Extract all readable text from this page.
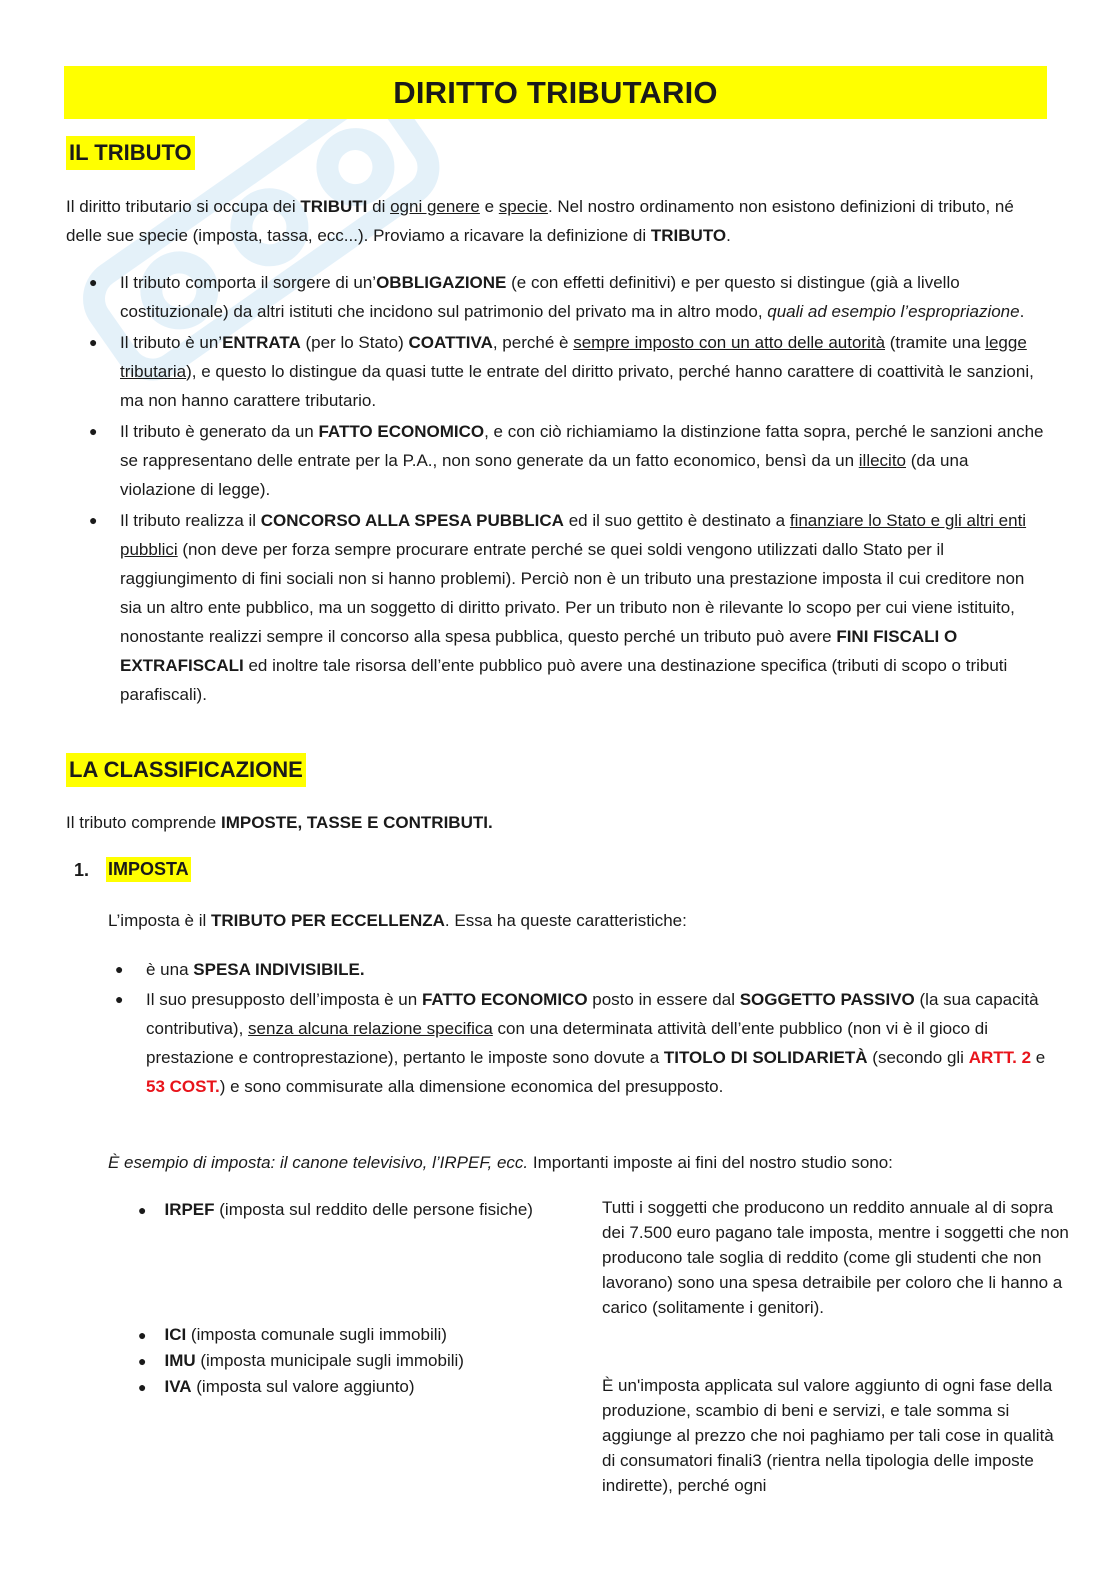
DIRITTO TRIBUTARIO
IL TRIBUTO
Il diritto tributario si occupa dei TRIBUTI di ogni genere e specie. Nel nostro ordinamento non esistono definizioni di tributo, né delle sue specie (imposta, tassa, ecc...). Proviamo a ricavare la definizione di TRIBUTO.
● Il tributo comporta il sorgere di un’OBBLIGAZIONE (e con effetti definitivi) e per questo si distingue (già a livello costituzionale) da altri istituti che incidono sul patrimonio del privato ma in altro modo, quali ad esempio l’espropriazione.
● Il tributo è un’ENTRATA (per lo Stato) COATTIVA, perché è sempre imposto con un atto delle autorità (tramite una legge tributaria), e questo lo distingue da quasi tutte le entrate del diritto privato, perché hanno carattere di coattività le sanzioni, ma non hanno carattere tributario.
● Il tributo è generato da un FATTO ECONOMICO, e con ciò richiamiamo la distinzione fatta sopra, perché le sanzioni anche se rappresentano delle entrate per la P.A., non sono generate da un fatto economico, bensì da un illecito (da una violazione di legge).
● Il tributo realizza il CONCORSO ALLA SPESA PUBBLICA ed il suo gettito è destinato a finanziare lo Stato e gli altri enti pubblici (non deve per forza sempre procurare entrate perché se quei soldi vengono utilizzati dallo Stato per il raggiungimento di fini sociali non si hanno problemi). Perciò non è un tributo una prestazione imposta il cui creditore non sia un altro ente pubblico, ma un soggetto di diritto privato. Per un tributo non è rilevante lo scopo per cui viene istituito, nonostante realizzi sempre il concorso alla spesa pubblica, questo perché un tributo può avere FINI FISCALI O EXTRAFISCALI ed inoltre tale risorsa dell’ente pubblico può avere una destinazione specifica (tributi di scopo o tributi parafiscali).
LA CLASSIFICAZIONE
Il tributo comprende IMPOSTE, TASSE E CONTRIBUTI.
1. IMPOSTA
L’imposta è il TRIBUTO PER ECCELLENZA. Essa ha queste caratteristiche:
● è una SPESA INDIVISIBILE.
● Il suo presupposto dell’imposta è un FATTO ECONOMICO posto in essere dal SOGGETTO PASSIVO (la sua capacità contributiva), senza alcuna relazione specifica con una determinata attività dell’ente pubblico (non vi è il gioco di prestazione e controprestazione), pertanto le imposte sono dovute a TITOLO DI SOLIDARIETÀ (secondo gli ARTT. 2 e 53 COST.) e sono commisurate alla dimensione economica del presupposto.
È esempio di imposta: il canone televisivo, l’IRPEF, ecc. Importanti imposte ai fini del nostro studio sono:
● IRPEF (imposta sul reddito delle persone fisiche)
● ICI (imposta comunale sugli immobili)
● IMU (imposta municipale sugli immobili)
● IVA (imposta sul valore aggiunto)
Tutti i soggetti che producono un reddito annuale al di sopra dei 7.500 euro pagano tale imposta, mentre i soggetti che non producono tale soglia di reddito (come gli studenti che non lavorano) sono una spesa detraibile per coloro che li hanno a carico (solitamente i genitori).
È un'imposta applicata sul valore aggiunto di ogni fase della produzione, scambio di beni e servizi, e tale somma si aggiunge al prezzo che noi paghiamo per tali cose in qualità di consumatori finali3 (rientra nella tipologia delle imposte indirette), perché ogni
